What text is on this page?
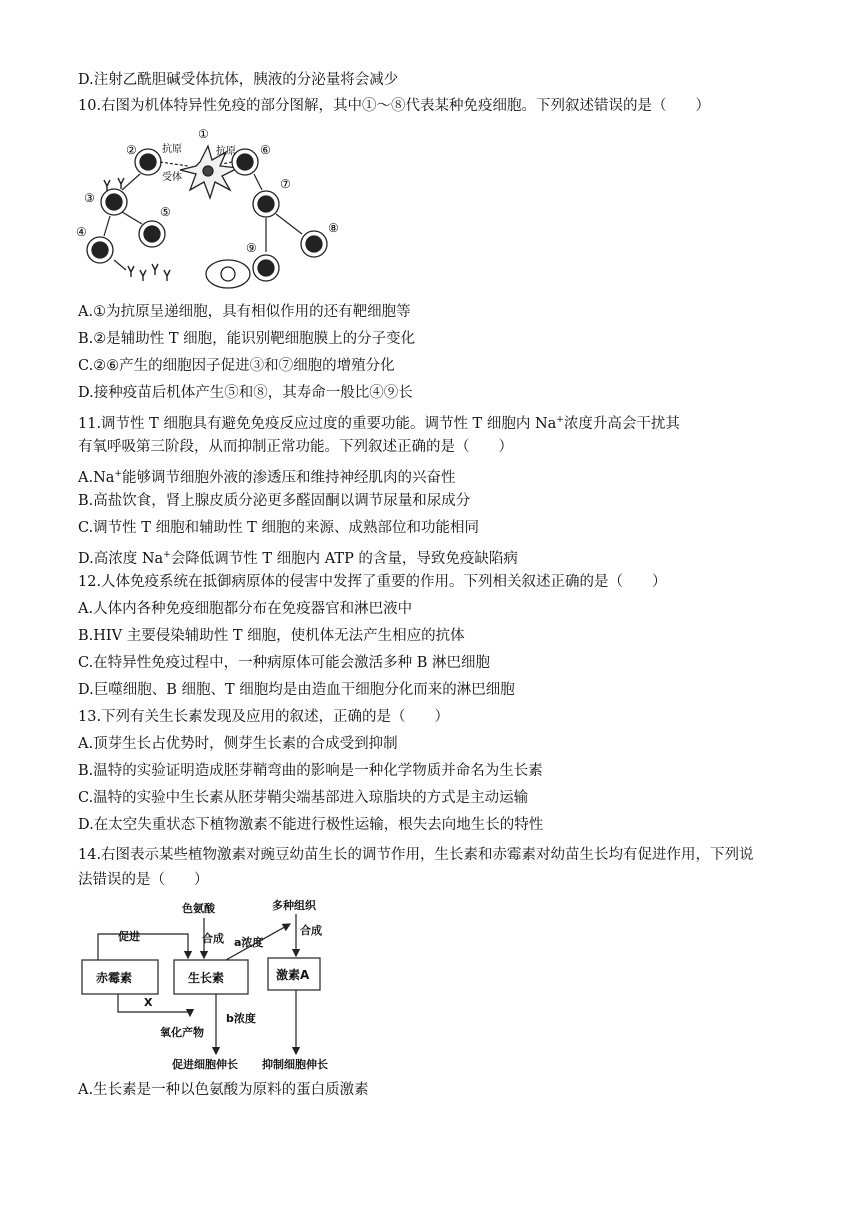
D.注射乙酰胆碱受体抗体，胰液的分泌量将会减少
10.右图为机体特异性免疫的部分图解，其中①～⑧代表某种免疫细胞。下列叙述错误的是（　　）
抗原
受体
抗原
①
②
③
④
⑤
⑥
⑦
⑧
⑨
A.①为抗原呈递细胞，具有相似作用的还有靶细胞等
B.②是辅助性 T 细胞，能识别靶细胞膜上的分子变化
C.②⑥产生的细胞因子促进③和⑦细胞的增殖分化
D.接种疫苗后机体产生⑤和⑧，其寿命一般比④⑨长
11.调节性 T 细胞具有避免免疫反应过度的重要功能。调节性 T 细胞内 Na+浓度升高会干扰其
有氧呼吸第三阶段，从而抑制正常功能。下列叙述正确的是（　　）
A.Na+能够调节细胞外液的渗透压和维持神经肌肉的兴奋性
B.高盐饮食，肾上腺皮质分泌更多醛固酮以调节尿量和尿成分
C.调节性 T 细胞和辅助性 T 细胞的来源、成熟部位和功能相同
D.高浓度 Na+会降低调节性 T 细胞内 ATP 的含量，导致免疫缺陷病
12.人体免疫系统在抵御病原体的侵害中发挥了重要的作用。下列相关叙述正确的是（　　）
A.人体内各种免疫细胞都分布在免疫器官和淋巴液中
B.HIV 主要侵染辅助性 T 细胞，使机体无法产生相应的抗体
C.在特异性免疫过程中，一种病原体可能会激活多种 B 淋巴细胞
D.巨噬细胞、B 细胞、T 细胞均是由造血干细胞分化而来的淋巴细胞
13.下列有关生长素发现及应用的叙述，正确的是（　　）
A.顶芽生长占优势时，侧芽生长素的合成受到抑制
B.温特的实验证明造成胚芽鞘弯曲的影响是一种化学物质并命名为生长素
C.温特的实验中生长素从胚芽鞘尖端基部进入琼脂块的方式是主动运输
D.在太空失重状态下植物激素不能进行极性运输，根失去向地生长的特性
14.右图表示某些植物激素对豌豆幼苗生长的调节作用，生长素和赤霉素对幼苗生长均有促进作用，下列说
法错误的是（　　）
色氨酸	多种组织
合成
合成
促进	a浓度
b浓度
X
氧化产物
促进细胞伸长 抑制细胞伸长
赤霉素	生长素	激素A
A.生长素是一种以色氨酸为原料的蛋白质激素
